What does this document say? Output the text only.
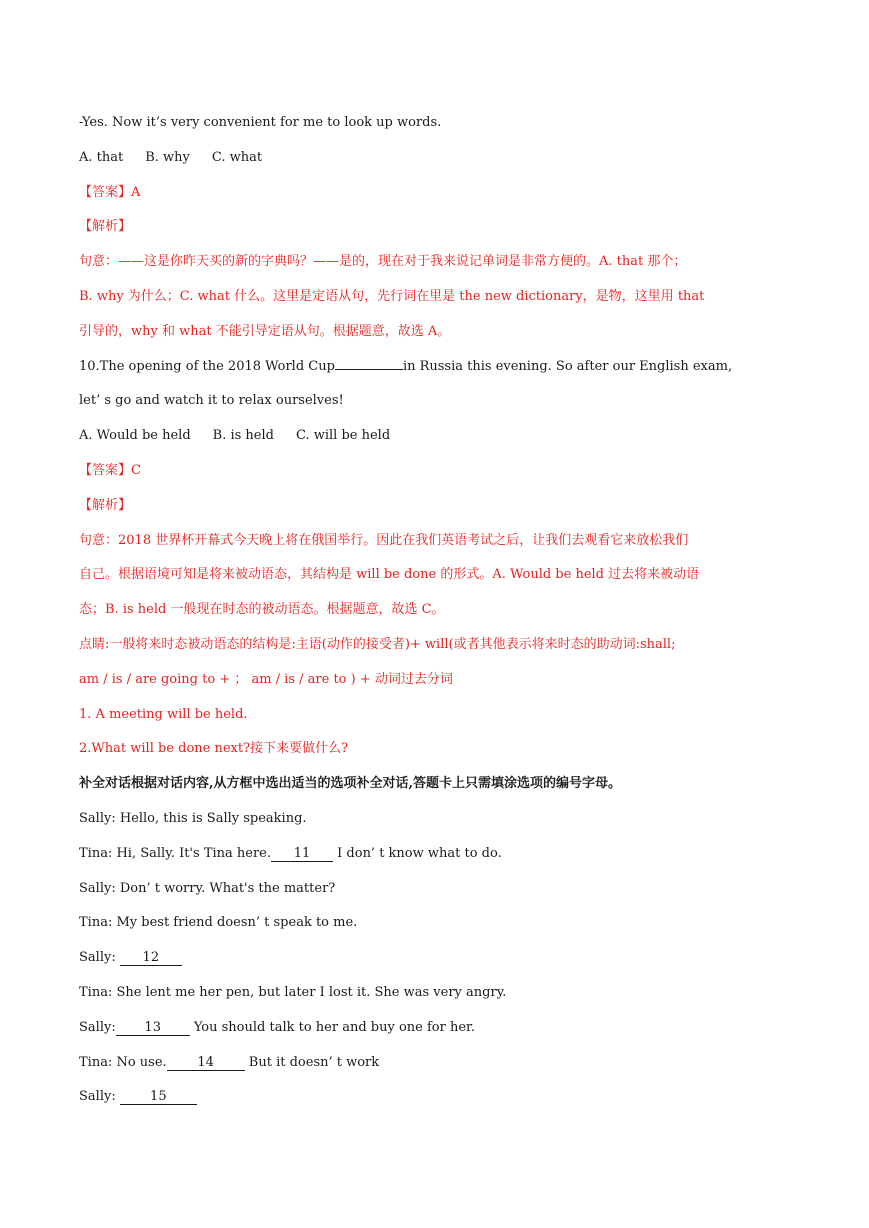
-Yes. Now it’s very convenient for me to look up words.
A. that B. why C. what
【答案】A
【解析】
句意：——这是你昨天买的新的字典吗？——是的，现在对于我来说记单词是非常方便的。A. that 那个；
B. why 为什么；C. what 什么。这里是定语从句，先行词在里是 the new dictionary，是物，这里用 that
引导的，why 和 what 不能引导定语从句。根据题意，故选 A。
10.The opening of the 2018 World Cup	in Russia this evening. So after our English exam,
let’ s go and watch it to relax ourselves!
A. Would be held B. is held C. will be held
【答案】C
【解析】
句意：2018 世界杯开幕式今天晚上将在俄国举行。因此在我们英语考试之后，让我们去观看它来放松我们
自己。根据语境可知是将来被动语态，其结构是 will be done 的形式。A. Would be held 过去将来被动语
态；B. is held 一般现在时态的被动语态。根据题意，故选 C。
点睛:一般将来时态被动语态的结构是:主语(动作的接受者)+ will(或者其他表示将来时态的助动词:shall;
am / is / are going to + ； am / is / are to ) + 动词过去分词
1. A meeting will be held.
2.What will be done next?接下来要做什么?
补全对话根据对话内容,从方框中选出适当的选项补全对话,答题卡上只需填涂选项的编号字母。
Sally: Hello, this is Sally speaking.
Tina: Hi, Sally. It's Tina here. 11 I don’ t know what to do.
Sally: Don’ t worry. What's the matter?
Tina: My best friend doesn’ t speak to me.
Sally: 12
Tina: She lent me her pen, but later I lost it. She was very angry.
Sally: 13 You should talk to her and buy one for her.
Tina: No use. 14 But it doesn’ t work
Sally: 15
